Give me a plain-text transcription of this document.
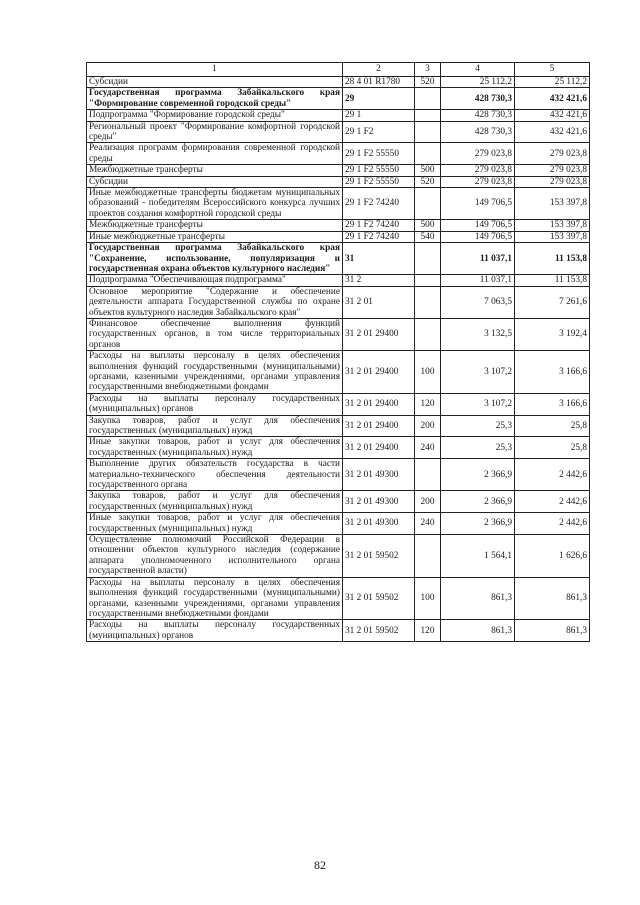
1	2	3	4	5
Субсидии	28 4 01 R1780	520	25 112,2	25 112,2
Государственная программа Забайкальского края "Формирование современной городской среды"	29		428 730,3	432 421,6
Подпрограмма "Формирование городской среды"	29 1		428 730,3	432 421,6
Региональный проект "Формирование комфортной городской среды"	29 1 F2		428 730,3	432 421,6
Реализация программ формирования современной городской среды	29 1 F2 55550		279 023,8	279 023,8
Межбюджетные трансферты	29 1 F2 55550	500	279 023,8	279 023,8
Субсидии	29 1 F2 55550	520	279 023,8	279 023,8
Иные межбюджетные трансферты бюджетам муниципальных образований - победителям Всероссийского конкурса лучших проектов создания комфортной городской среды	29 1 F2 74240		149 706,5	153 397,8
Межбюджетные трансферты	29 1 F2 74240	500	149 706,5	153 397,8
Иные межбюджетные трансферты	29 1 F2 74240	540	149 706,5	153 397,8
Государственная программа Забайкальского края "Сохранение, использование, популяризация и государственная охрана объектов культурного наследия"	31		11 037,1	11 153,8
Подпрограмма "Обеспечивающая подпрограмма"	31 2		11 037,1	11 153,8
Основное мероприятие "Содержание и обеспечение деятельности аппарата Государственной службы по охране объектов культурного наследия Забайкальского края"	31 2 01		7 063,5	7 261,6
Финансовое обеспечение выполнения функций государственных органов, в том числе территориальных органов	31 2 01 29400		3 132,5	3 192,4
Расходы на выплаты персоналу в целях обеспечения выполнения функций государственными (муниципальными) органами, казенными учреждениями, органами управления государственными внебюджетными фондами	31 2 01 29400	100	3 107,2	3 166,6
Расходы на выплаты персоналу государственных (муниципальных) органов	31 2 01 29400	120	3 107,2	3 166,6
Закупка товаров, работ и услуг для обеспечения государственных (муниципальных) нужд	31 2 01 29400	200	25,3	25,8
Иные закупки товаров, работ и услуг для обеспечения государственных (муниципальных) нужд	31 2 01 29400	240	25,3	25,8
Выполнение других обязательств государства в части материально-технического обеспечения деятельности государственного органа	31 2 01 49300		2 366,9	2 442,6
Закупка товаров, работ и услуг для обеспечения государственных (муниципальных) нужд	31 2 01 49300	200	2 366,9	2 442,6
Иные закупки товаров, работ и услуг для обеспечения государственных (муниципальных) нужд	31 2 01 49300	240	2 366,9	2 442,6
Осуществление полномочий Российской Федерации в отношении объектов культурного наследия (содержание аппарата уполномоченного исполнительного органа государственной власти)	31 2 01 59502		1 564,1	1 626,6
Расходы на выплаты персоналу в целях обеспечения выполнения функций государственными (муниципальными) органами, казенными учреждениями, органами управления государственными внебюджетными фондами	31 2 01 59502	100	861,3	861,3
Расходы на выплаты персоналу государственных (муниципальных) органов	31 2 01 59502	120	861,3	861,3
82
